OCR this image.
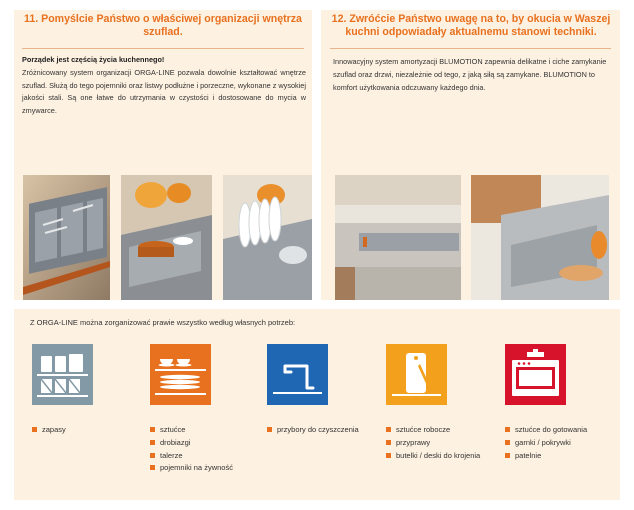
11. Pomyślcie Państwo o właściwej organizacji wnętrza szuflad.

Porządek jest częścią życia kuchennego!
Zróżnicowany system organizacji ORGA-LINE pozwala dowolnie kształtować wnętrze szuflad. Służą do tego pojemniki oraz listwy podłużne i porzeczne, wykonane z wysokiej jakości stali. Są one łatwe do utrzymania w czystości i dostosowane do mycia w zmywarce.

12. Zwróćcie Państwo uwagę na to, by okucia w Waszej kuchni odpowiadały aktualnemu stanowi techniki.

Innowacyjny system amortyzacji BLUMOTION zapewnia delikatne i ciche zamykanie szuflad oraz drzwi, niezależnie od tego, z jaką siłą są zamykane. BLUMOTION to komfort użytkowania odczuwany każdego dnia.

Z ORGA-LINE można zorganizować prawie wszystko według własnych potrzeb:

zapasy	sztućce
drobiazgi
talerze
pojemniki na żywność
przybory do czyszczenia	sztućce robocze
przyprawy
butelki / deski do krojenia
sztućce do gotowania
garnki / pokrywki
patelnie
